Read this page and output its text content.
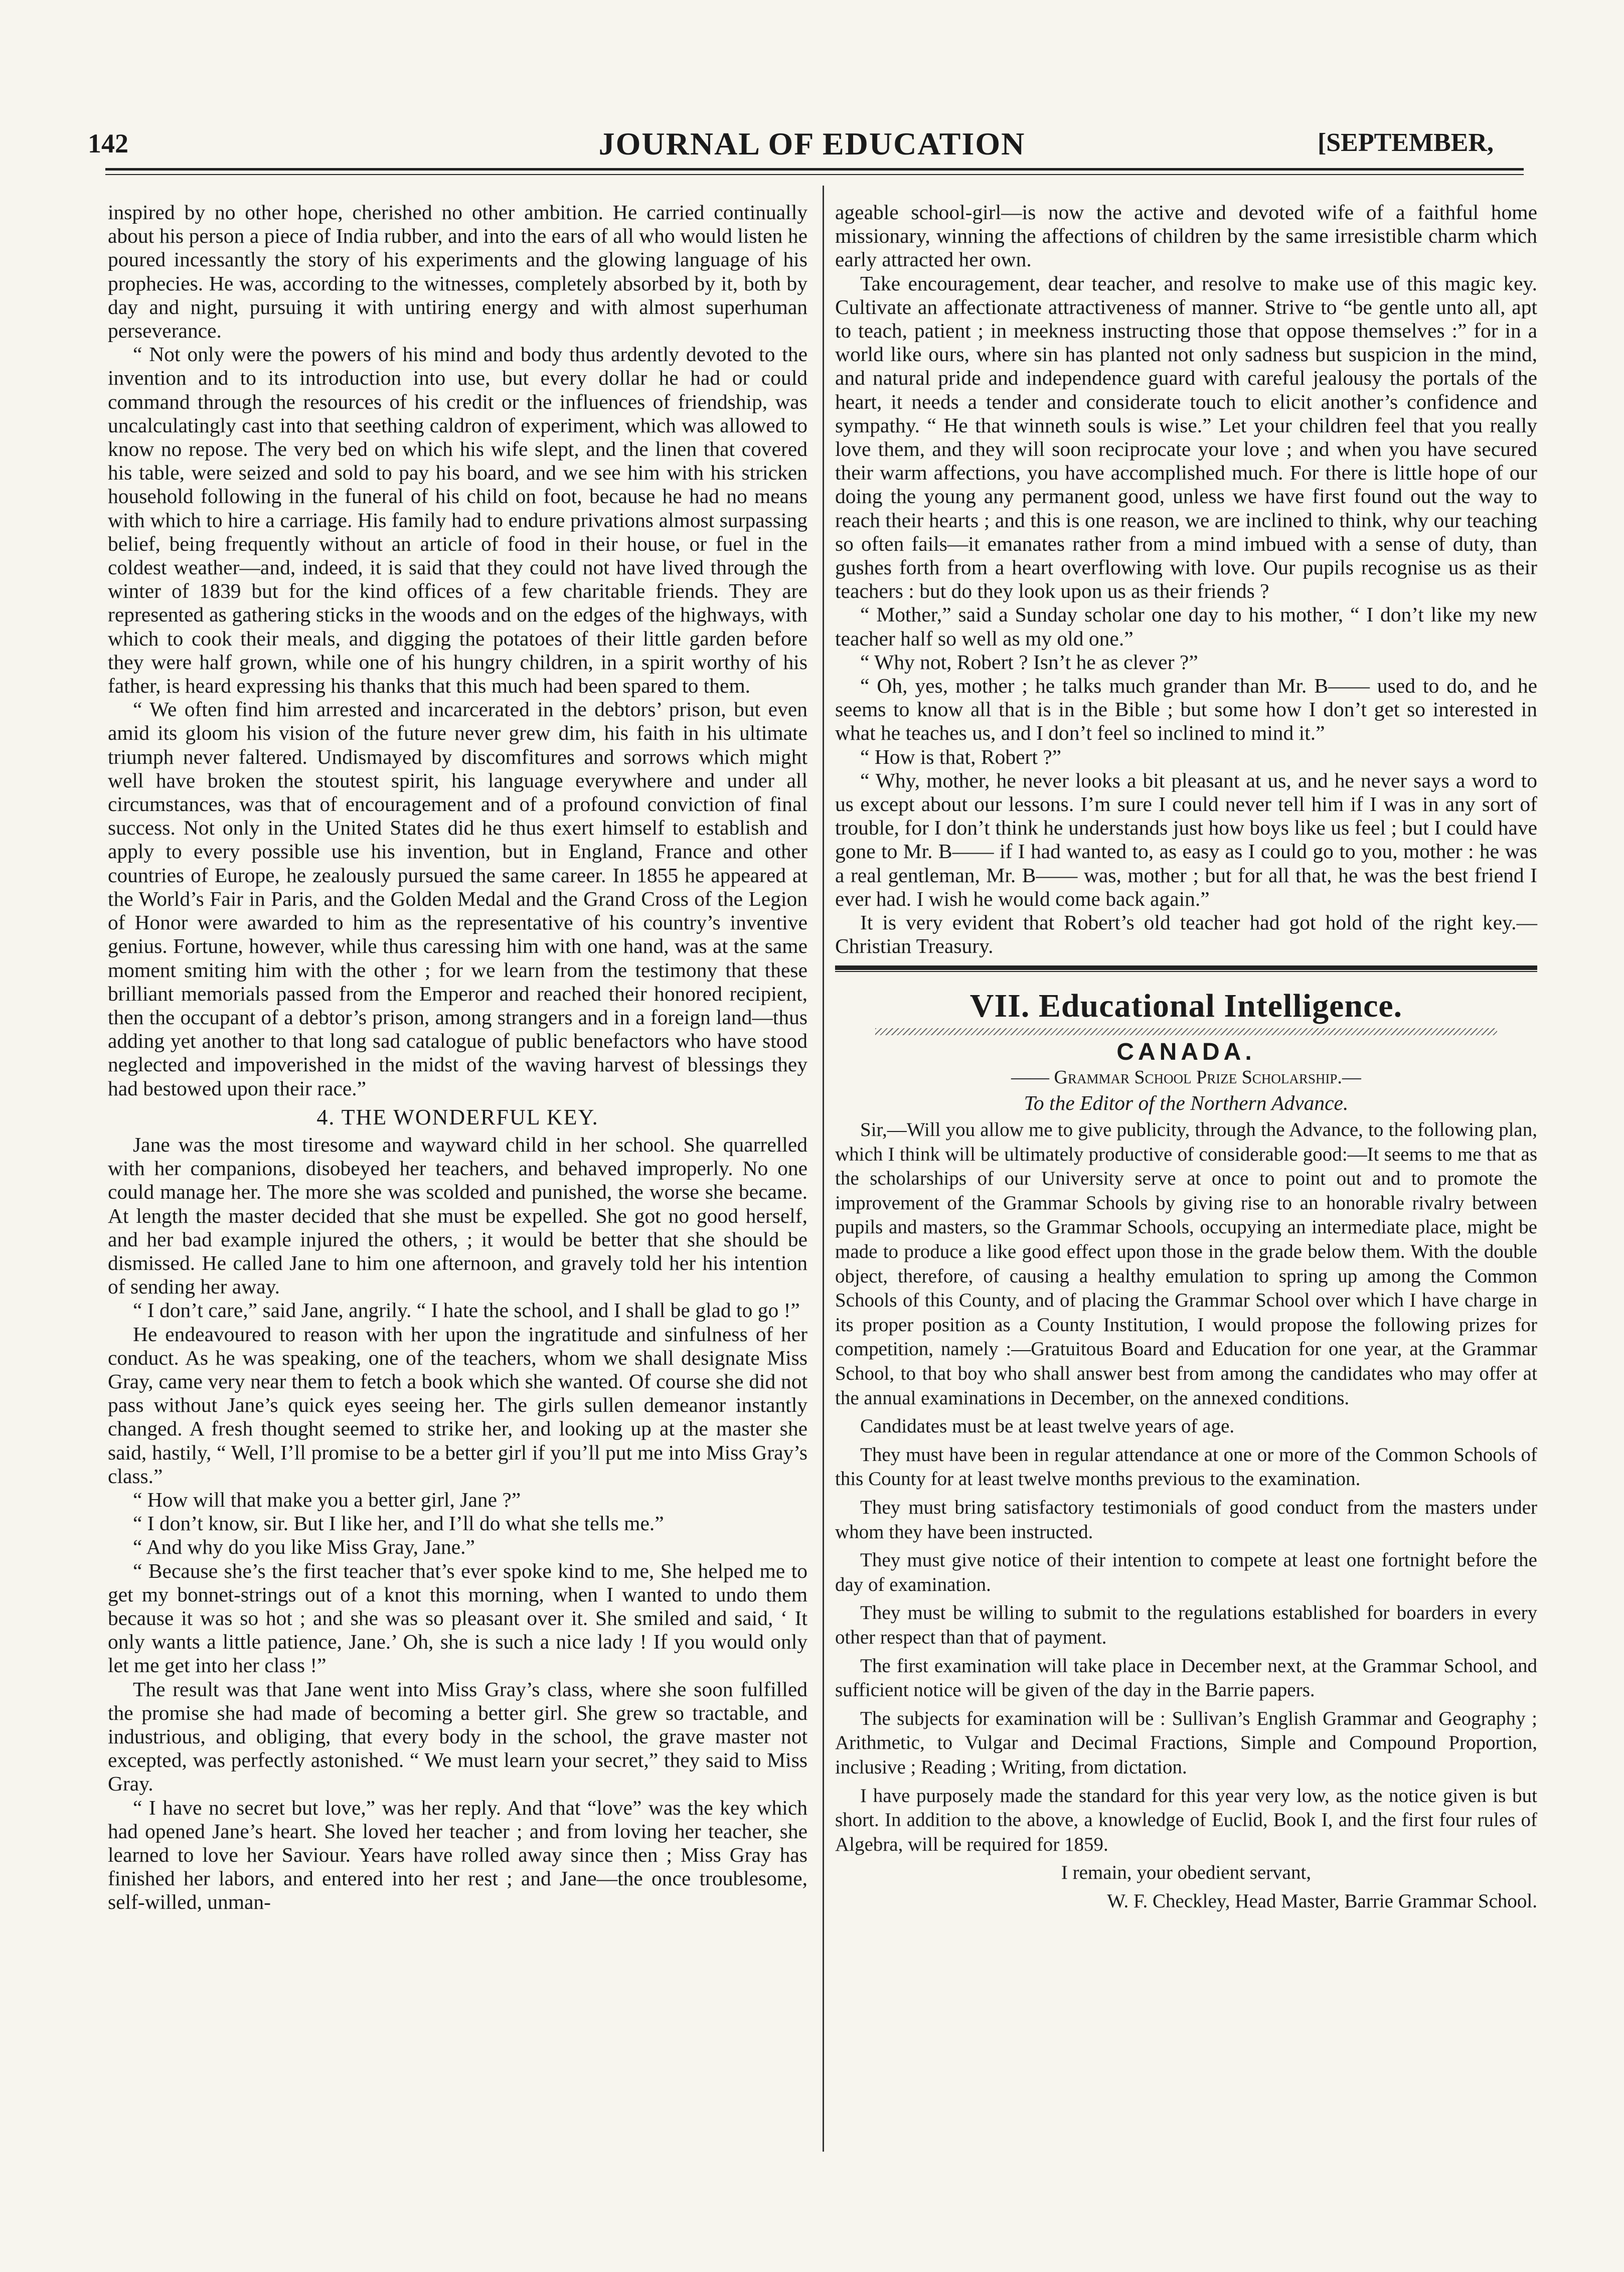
142	JOURNAL OF EDUCATION	[SEPTEMBER,

inspired by no other hope, cherished no other ambition. He carried continually about his person a piece of India rubber, and into the ears of all who would listen he poured incessantly the story of his experiments and the glowing language of his prophecies. He was, according to the witnesses, completely absorbed by it, both by day and night, pursuing it with untiring energy and with almost superhuman perseverance.

“ Not only were the powers of his mind and body thus ardently devoted to the invention and to its introduction into use, but every dollar he had or could command through the resources of his credit or the influences of friendship, was uncalculatingly cast into that seething caldron of experiment, which was allowed to know no repose. The very bed on which his wife slept, and the linen that covered his table, were seized and sold to pay his board, and we see him with his stricken household following in the funeral of his child on foot, because he had no means with which to hire a carriage. His family had to endure privations almost surpassing belief, being frequently without an article of food in their house, or fuel in the coldest weather—and, indeed, it is said that they could not have lived through the winter of 1839 but for the kind offices of a few charitable friends. They are represented as gathering sticks in the woods and on the edges of the highways, with which to cook their meals, and digging the potatoes of their little garden before they were half grown, while one of his hungry children, in a spirit worthy of his father, is heard expressing his thanks that this much had been spared to them.

“ We often find him arrested and incarcerated in the debtors’ prison, but even amid its gloom his vision of the future never grew dim, his faith in his ultimate triumph never faltered. Undismayed by discomfitures and sorrows which might well have broken the stoutest spirit, his language everywhere and under all circumstances, was that of encouragement and of a profound conviction of final success. Not only in the United States did he thus exert himself to establish and apply to every possible use his invention, but in England, France and other countries of Europe, he zealously pursued the same career. In 1855 he appeared at the World’s Fair in Paris, and the Golden Medal and the Grand Cross of the Legion of Honor were awarded to him as the representative of his country’s inventive genius. Fortune, however, while thus caressing him with one hand, was at the same moment smiting him with the other ; for we learn from the testimony that these brilliant memorials passed from the Emperor and reached their honored recipient, then the occupant of a debtor’s prison, among strangers and in a foreign land—thus adding yet another to that long sad catalogue of public benefactors who have stood neglected and impoverished in the midst of the waving harvest of blessings they had bestowed upon their race.”

4. THE WONDERFUL KEY.

Jane was the most tiresome and wayward child in her school. She quarrelled with her companions, disobeyed her teachers, and behaved improperly. No one could manage her. The more she was scolded and punished, the worse she became. At length the master decided that she must be expelled. She got no good herself, and her bad example injured the others, ; it would be better that she should be dismissed. He called Jane to him one afternoon, and gravely told her his intention of sending her away.

“ I don’t care,” said Jane, angrily. “ I hate the school, and I shall be glad to go !”

He endeavoured to reason with her upon the ingratitude and sinfulness of her conduct. As he was speaking, one of the teachers, whom we shall designate Miss Gray, came very near them to fetch a book which she wanted. Of course she did not pass without Jane’s quick eyes seeing her. The girls sullen demeanor instantly changed. A fresh thought seemed to strike her, and looking up at the master she said, hastily, “ Well, I’ll promise to be a better girl if you’ll put me into Miss Gray’s class.”

“ How will that make you a better girl, Jane ?”

“ I don’t know, sir. But I like her, and I’ll do what she tells me.”

“ And why do you like Miss Gray, Jane.”

“ Because she’s the first teacher that’s ever spoke kind to me, She helped me to get my bonnet-strings out of a knot this morning, when I wanted to undo them because it was so hot ; and she was so pleasant over it. She smiled and said, ‘ It only wants a little patience, Jane.’ Oh, she is such a nice lady ! If you would only let me get into her class !”

The result was that Jane went into Miss Gray’s class, where she soon fulfilled the promise she had made of becoming a better girl. She grew so tractable, and industrious, and obliging, that every body in the school, the grave master not excepted, was perfectly astonished. “ We must learn your secret,” they said to Miss Gray.

“ I have no secret but love,” was her reply. And that “love” was the key which had opened Jane’s heart. She loved her teacher ; and from loving her teacher, she learned to love her Saviour. Years have rolled away since then ; Miss Gray has finished her labors, and entered into her rest ; and Jane—the once troublesome, self-willed, unman-

ageable school-girl—is now the active and devoted wife of a faithful home missionary, winning the affections of children by the same irresistible charm which early attracted her own.

Take encouragement, dear teacher, and resolve to make use of this magic key. Cultivate an affectionate attractiveness of manner. Strive to “be gentle unto all, apt to teach, patient ; in meekness instructing those that oppose themselves :” for in a world like ours, where sin has planted not only sadness but suspicion in the mind, and natural pride and independence guard with careful jealousy the portals of the heart, it needs a tender and considerate touch to elicit another’s confidence and sympathy. “ He that winneth souls is wise.” Let your children feel that you really love them, and they will soon reciprocate your love ; and when you have secured their warm affections, you have accomplished much. For there is little hope of our doing the young any permanent good, unless we have first found out the way to reach their hearts ; and this is one reason, we are inclined to think, why our teaching so often fails—it emanates rather from a mind imbued with a sense of duty, than gushes forth from a heart overflowing with love. Our pupils recognise us as their teachers : but do they look upon us as their friends ?

“ Mother,” said a Sunday scholar one day to his mother, “ I don’t like my new teacher half so well as my old one.”

“ Why not, Robert ? Isn’t he as clever ?”

“ Oh, yes, mother ; he talks much grander than Mr. B—— used to do, and he seems to know all that is in the Bible ; but some how I don’t get so interested in what he teaches us, and I don’t feel so inclined to mind it.”

“ How is that, Robert ?”

“ Why, mother, he never looks a bit pleasant at us, and he never says a word to us except about our lessons. I’m sure I could never tell him if I was in any sort of trouble, for I don’t think he understands just how boys like us feel ; but I could have gone to Mr. B—— if I had wanted to, as easy as I could go to you, mother : he was a real gentleman, Mr. B—— was, mother ; but for all that, he was the best friend I ever had. I wish he would come back again.”

It is very evident that Robert’s old teacher had got hold of the right key.—Christian Treasury.

VII. Educational Intelligence.
CANADA.
—— Grammar School Prize Scholarship.—
To the Editor of the Northern Advance.

Sir,—Will you allow me to give publicity, through the Advance, to the following plan, which I think will be ultimately productive of considerable good:—It seems to me that as the scholarships of our University serve at once to point out and to promote the improvement of the Grammar Schools by giving rise to an honorable rivalry between pupils and masters, so the Grammar Schools, occupying an intermediate place, might be made to produce a like good effect upon those in the grade below them. With the double object, therefore, of causing a healthy emulation to spring up among the Common Schools of this County, and of placing the Grammar School over which I have charge in its proper position as a County Institution, I would propose the following prizes for competition, namely :—Gratuitous Board and Education for one year, at the Grammar School, to that boy who shall answer best from among the candidates who may offer at the annual examinations in December, on the annexed conditions.

Candidates must be at least twelve years of age.

They must have been in regular attendance at one or more of the Common Schools of this County for at least twelve months previous to the examination.

They must bring satisfactory testimonials of good conduct from the masters under whom they have been instructed.

They must give notice of their intention to compete at least one fortnight before the day of examination.

They must be willing to submit to the regulations established for boarders in every other respect than that of payment.

The first examination will take place in December next, at the Grammar School, and sufficient notice will be given of the day in the Barrie papers.

The subjects for examination will be : Sullivan’s English Grammar and Geography ; Arithmetic, to Vulgar and Decimal Fractions, Simple and Compound Proportion, inclusive ; Reading ; Writing, from dictation.

I have purposely made the standard for this year very low, as the notice given is but short. In addition to the above, a knowledge of Euclid, Book I, and the first four rules of Algebra, will be required for 1859.

I remain, your obedient servant,

W. F. Checkley, Head Master, Barrie Grammar School.
